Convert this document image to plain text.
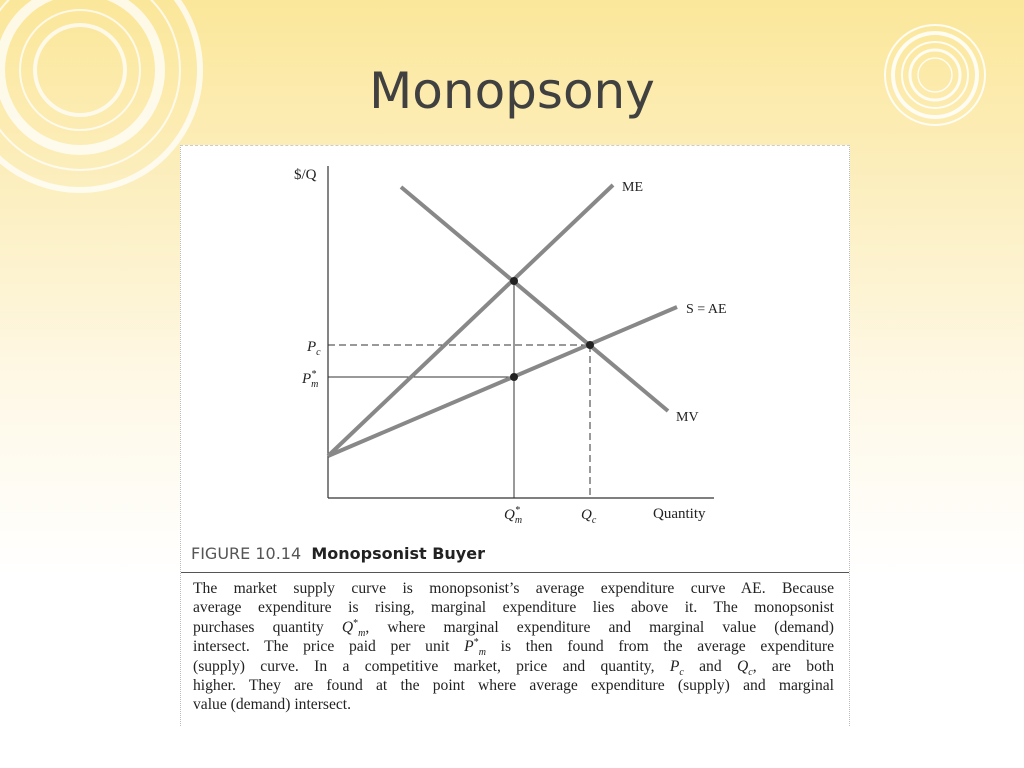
Monopsony
$/Q
Quantity
ME
S = AE
MV
$P_c$
P* m
Q* m	$Q_c$
FIGURE 10.14 Monopsonist Buyer
The market supply curve is monopsonist’s average expenditure curve AE. Because
average expenditure is rising, marginal expenditure lies above it. The monopsonist
purchases quantity $Q^*_m$, where marginal expenditure and marginal value (demand)
intersect. The price paid per unit $P^*_m$ is then found from the average expenditure
(supply) curve. In a competitive market, price and quantity, $P_c$ and $Q_c$, are both
higher. They are found at the point where average expenditure (supply) and marginal
value (demand) intersect.
